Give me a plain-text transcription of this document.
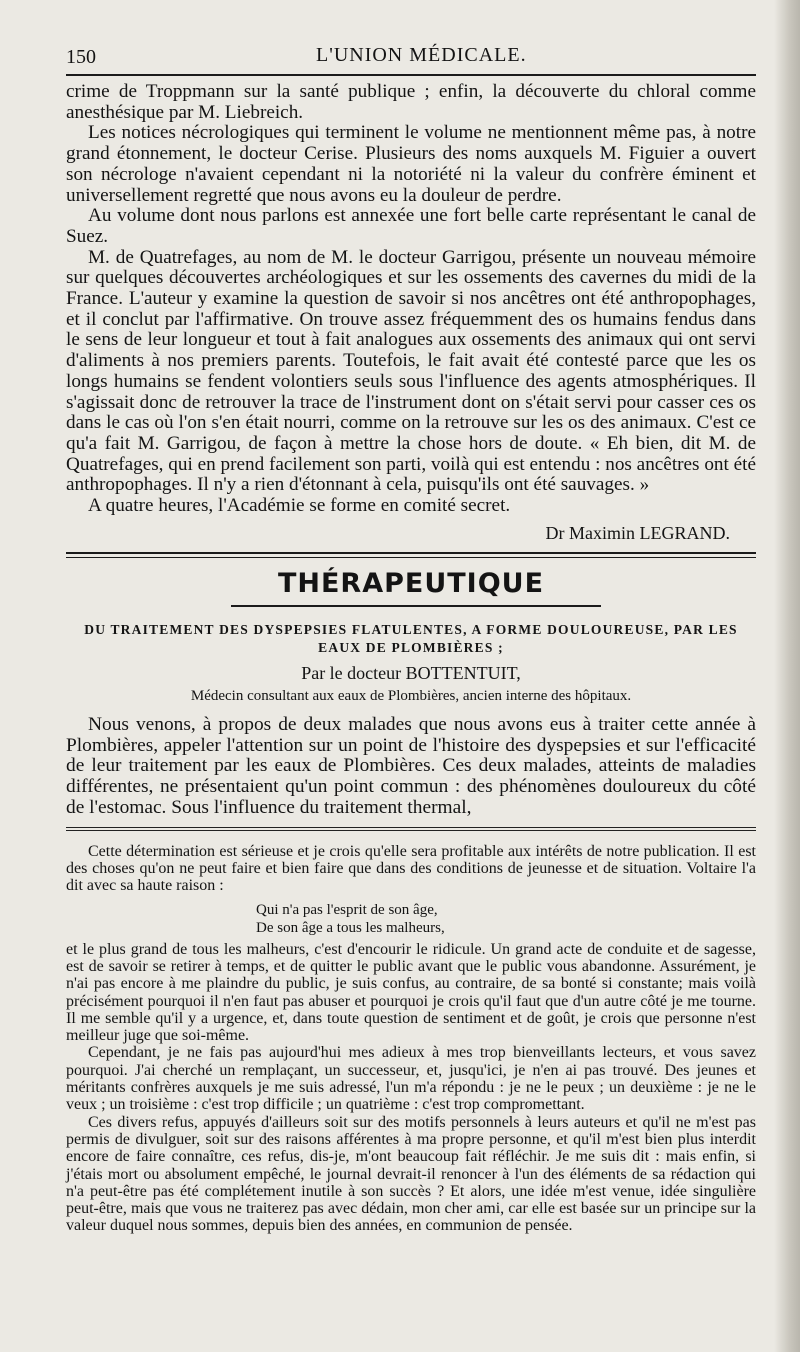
150	L'UNION MÉDICALE.

crime de Troppmann sur la santé publique ; enfin, la découverte du chloral comme anesthésique par M. Liebreich.

Les notices nécrologiques qui terminent le volume ne mentionnent même pas, à notre grand étonnement, le docteur Cerise. Plusieurs des noms auxquels M. Figuier a ouvert son nécrologe n'avaient cependant ni la notoriété ni la valeur du confrère éminent et universellement regretté que nous avons eu la douleur de perdre.

Au volume dont nous parlons est annexée une fort belle carte représentant le canal de Suez.

M. de Quatrefages, au nom de M. le docteur Garrigou, présente un nouveau mémoire sur quelques découvertes archéologiques et sur les ossements des cavernes du midi de la France. L'auteur y examine la question de savoir si nos ancêtres ont été anthropophages, et il conclut par l'affirmative. On trouve assez fréquemment des os humains fendus dans le sens de leur longueur et tout à fait analogues aux ossements des animaux qui ont servi d'aliments à nos premiers parents. Toutefois, le fait avait été contesté parce que les os longs humains se fendent volontiers seuls sous l'influence des agents atmosphériques. Il s'agissait donc de retrouver la trace de l'instrument dont on s'était servi pour casser ces os dans le cas où l'on s'en était nourri, comme on la retrouve sur les os des animaux. C'est ce qu'a fait M. Garrigou, de façon à mettre la chose hors de doute. « Eh bien, dit M. de Quatrefages, qui en prend facilement son parti, voilà qui est entendu : nos ancêtres ont été anthropophages. Il n'y a rien d'étonnant à cela, puisqu'ils ont été sauvages. »

A quatre heures, l'Académie se forme en comité secret.

Dr Maximin LEGRAND.
THÉRAPEUTIQUE
DU TRAITEMENT DES DYSPEPSIES FLATULENTES, A FORME DOULOUREUSE, PAR LES
EAUX DE PLOMBIÈRES ;
Par le docteur BOTTENTUIT,
Médecin consultant aux eaux de Plombières, ancien interne des hôpitaux.

Nous venons, à propos de deux malades que nous avons eus à traiter cette année à Plombières, appeler l'attention sur un point de l'histoire des dyspepsies et sur l'efficacité de leur traitement par les eaux de Plombières. Ces deux malades, atteints de maladies différentes, ne présentaient qu'un point commun : des phénomènes douloureux du côté de l'estomac. Sous l'influence du traitement thermal,

Cette détermination est sérieuse et je crois qu'elle sera profitable aux intérêts de notre publication. Il est des choses qu'on ne peut faire et bien faire que dans des conditions de jeunesse et de situation. Voltaire l'a dit avec sa haute raison :

Qui n'a pas l'esprit de son âge,
De son âge a tous les malheurs,

et le plus grand de tous les malheurs, c'est d'encourir le ridicule. Un grand acte de conduite et de sagesse, est de savoir se retirer à temps, et de quitter le public avant que le public vous abandonne. Assurément, je n'ai pas encore à me plaindre du public, je suis confus, au contraire, de sa bonté si constante; mais voilà précisément pourquoi il n'en faut pas abuser et pourquoi je crois qu'il faut que d'un autre côté je me tourne. Il me semble qu'il y a urgence, et, dans toute question de sentiment et de goût, je crois que personne n'est meilleur juge que soi-même.

Cependant, je ne fais pas aujourd'hui mes adieux à mes trop bienveillants lecteurs, et vous savez pourquoi. J'ai cherché un remplaçant, un successeur, et, jusqu'ici, je n'en ai pas trouvé. Des jeunes et méritants confrères auxquels je me suis adressé, l'un m'a répondu : je ne le peux ; un deuxième : je ne le veux ; un troisième : c'est trop difficile ; un quatrième : c'est trop compromettant.

Ces divers refus, appuyés d'ailleurs soit sur des motifs personnels à leurs auteurs et qu'il ne m'est pas permis de divulguer, soit sur des raisons afférentes à ma propre personne, et qu'il m'est bien plus interdit encore de faire connaître, ces refus, dis-je, m'ont beaucoup fait réfléchir. Je me suis dit : mais enfin, si j'étais mort ou absolument empêché, le journal devrait-il renoncer à l'un des éléments de sa rédaction qui n'a peut-être pas été complétement inutile à son succès ? Et alors, une idée m'est venue, idée singulière peut-être, mais que vous ne traiterez pas avec dédain, mon cher ami, car elle est basée sur un principe sur la valeur duquel nous sommes, depuis bien des années, en communion de pensée.
